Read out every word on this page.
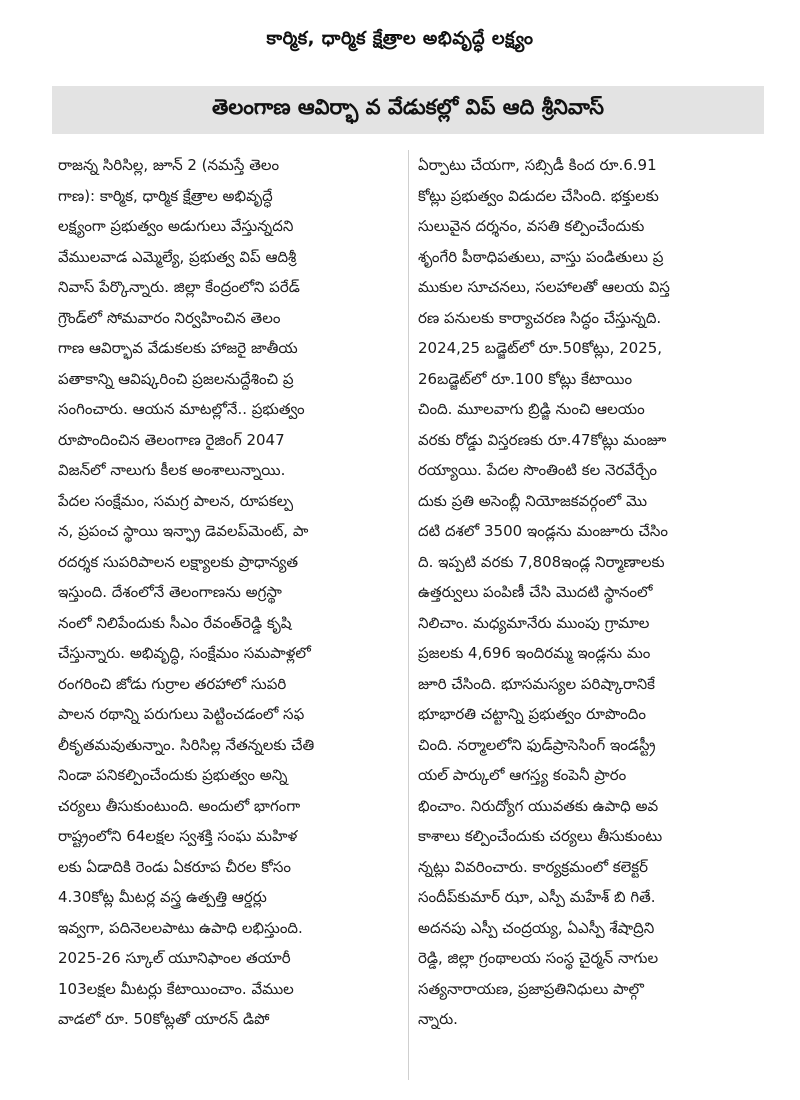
కార్మిక, ధార్మిక క్షేత్రాల అభివృద్ధే లక్ష్యం
తెలంగాణ ఆవిర్భా వ వేడుకల్లో విప్ ఆది శ్రీనివాస్
రాజన్న సిరిసిల్ల, జూన్ 2 (నమస్తే తెలం
గాణ): కార్మిక, ధార్మిక క్షేత్రాల అభివృద్ధే
లక్ష్యంగా ప్రభుత్వం అడుగులు వేస్తున్నదని
వేములవాడ ఎమ్మెల్యే, ప్రభుత్వ విప్ ఆదిశ్రీ
నివాస్ పేర్కొన్నారు. జిల్లా కేంద్రంలోని పరేడ్
గ్రౌండ్‌లో సోమవారం నిర్వహించిన తెలం
గాణ ఆవిర్భావ వేడుకలకు హాజరై జాతీయ
పతాకాన్ని ఆవిష్కరించి ప్రజలనుద్దేశించి ప్ర
సంగించారు. ఆయన మాటల్లోనే.. ప్రభుత్వం
రూపొందించిన తెలంగాణ రైజింగ్ 2047
విజన్‌లో నాలుగు కీలక అంశాలున్నాయి.
పేదల సంక్షేమం, సమగ్ర పాలన, రూపకల్ప
న, ప్రపంచ స్థాయి ఇన్ఫ్రా డెవలప్‌మెంట్, పా
రదర్శక సుపరిపాలన లక్ష్యాలకు ప్రాధాన్యత
ఇస్తుంది. దేశంలోనే తెలంగాణను అగ్రస్థా
నంలో నిలిపేందుకు సీఎం రేవంత్‌రెడ్డి కృషి
చేస్తున్నారు. అభివృద్ధి, సంక్షేమం సమపాళ్లలో
రంగరించి జోడు గుర్రాల తరహాలో సుపరి
పాలన రథాన్ని పరుగులు పెట్టించడంలో సఫ
లీకృతమవుతున్నాం. సిరిసిల్ల నేతన్నలకు చేతి
నిండా పనికల్పించేందుకు ప్రభుత్వం అన్ని
చర్యలు తీసుకుంటుంది. అందులో భాగంగా
రాష్ట్రంలోని 64లక్షల స్వశక్తి సంఘ మహిళ
లకు ఏడాదికి రెండు ఏకరూప చీరల కోసం
4.30కోట్ల మీటర్ల వస్త్ర ఉత్పత్తి ఆర్డర్లు
ఇవ్వగా, పదినెలలపాటు ఉపాధి లభిస్తుంది.
2025-26 స్కూల్ యూనిఫాంల తయారీ
103లక్షల మీటర్లు కేటాయించాం. వేముల
వాడలో రూ. 50కోట్లతో యారన్ డిపో
ఏర్పాటు చేయగా, సబ్సిడీ కింద రూ.6.91
కోట్లు ప్రభుత్వం విడుదల చేసింది. భక్తులకు
సులువైన దర్శనం, వసతి కల్పించేందుకు
శృంగేరి పీఠాధిపతులు, వాస్తు పండితులు ప్ర
ముకుల సూచనలు, సలహాలతో ఆలయ విస్త
రణ పనులకు కార్యాచరణ సిద్ధం చేస్తున్నది.
2024,25 బడ్జెట్‌లో రూ.50కోట్లు, 2025,
26బడ్జెట్‌లో రూ.100 కోట్లు కేటాయిం
చింది. మూలవాగు బ్రిడ్జి నుంచి ఆలయం
వరకు రోడ్డు విస్తరణకు రూ.47కోట్లు మంజూ
రయ్యాయి. పేదల సొంతింటి కల నెరవేర్చేం
దుకు ప్రతి అసెంబ్లీ నియోజకవర్గంలో మొ
దటి దశలో 3500 ఇండ్లను మంజూరు చేసిం
ది. ఇప్పటి వరకు 7,808ఇండ్ల నిర్మాణాలకు
ఉత్తర్వులు పంపిణీ చేసి మొదటి స్థానంలో
నిలిచాం. మధ్యమానేరు ముంపు గ్రామాల
ప్రజలకు 4,696 ఇందిరమ్మ ఇండ్లను మం
జూరి చేసింది. భూసమస్యల పరిష్కారానికే
భూభారతి చట్టాన్ని ప్రభుత్వం రూపొందిం
చింది. నర్మాలలోని ఫుడ్‌ప్రాసెసింగ్ ఇండస్ట్రీ
యల్ పార్కులో ఆగస్త్య కంపెనీ ప్రారం
భించాం. నిరుద్యోగ యువతకు ఉపాధి అవ
కాశాలు కల్పించేందుకు చర్యలు తీసుకుంటు
న్నట్లు వివరించారు. కార్యక్రమంలో కలెక్టర్
సందీప్‌కుమార్ ఝా, ఎస్పీ మహేశ్ బి గితే.
అదనపు ఎస్పీ చంద్రయ్య, ఏఎస్పీ శేషాద్రిని
రెడ్డి, జిల్లా గ్రంథాలయ సంస్థ చైర్మన్ నాగుల
సత్యనారాయణ, ప్రజాప్రతినిధులు పాల్గొ
న్నారు.
